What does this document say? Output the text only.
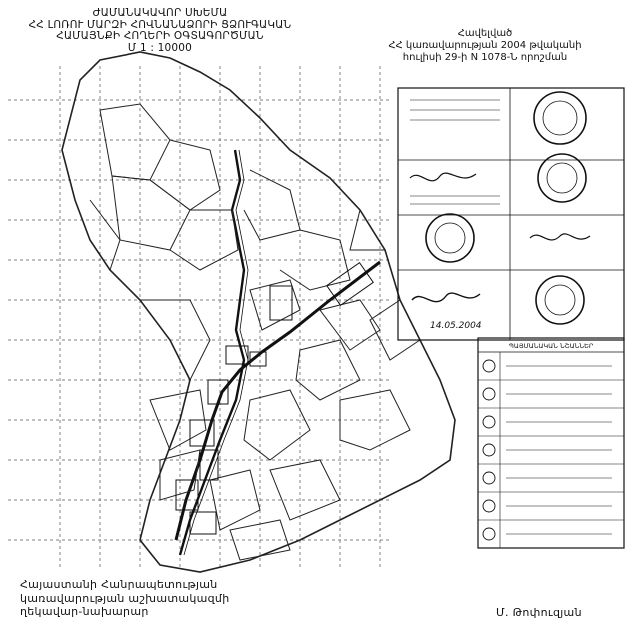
ԺԱՄԱՆԱԿԱՎՈՐ ՍԽԵՄԱ
ՀՀ ԼՈՌՈՒ ՄԱՐԶԻ ՀՈՎՆԱՆԱՁՈՐԻ ՑՁՈՒԳԱԿԱՆ
ՀԱՄԱՅՆՔԻ ՀՈՂԵՐԻ ՕԳՏԱԳՈՐԾՄԱՆ
Մ 1 : 10000
Հավելված
ՀՀ կառավարության 2004 թվականի
հուլիսի 29-ի N 1078-Ն որոշման
ՊԱՅՄԱՆԱԿԱՆ ՆՇԱՆՆԵՐ
14.05.2004
Հայաստանի Հանրապետության
կառավարության աշխատակազմի
ղեկավար-նախարար	Մ. Թոփուզյան
